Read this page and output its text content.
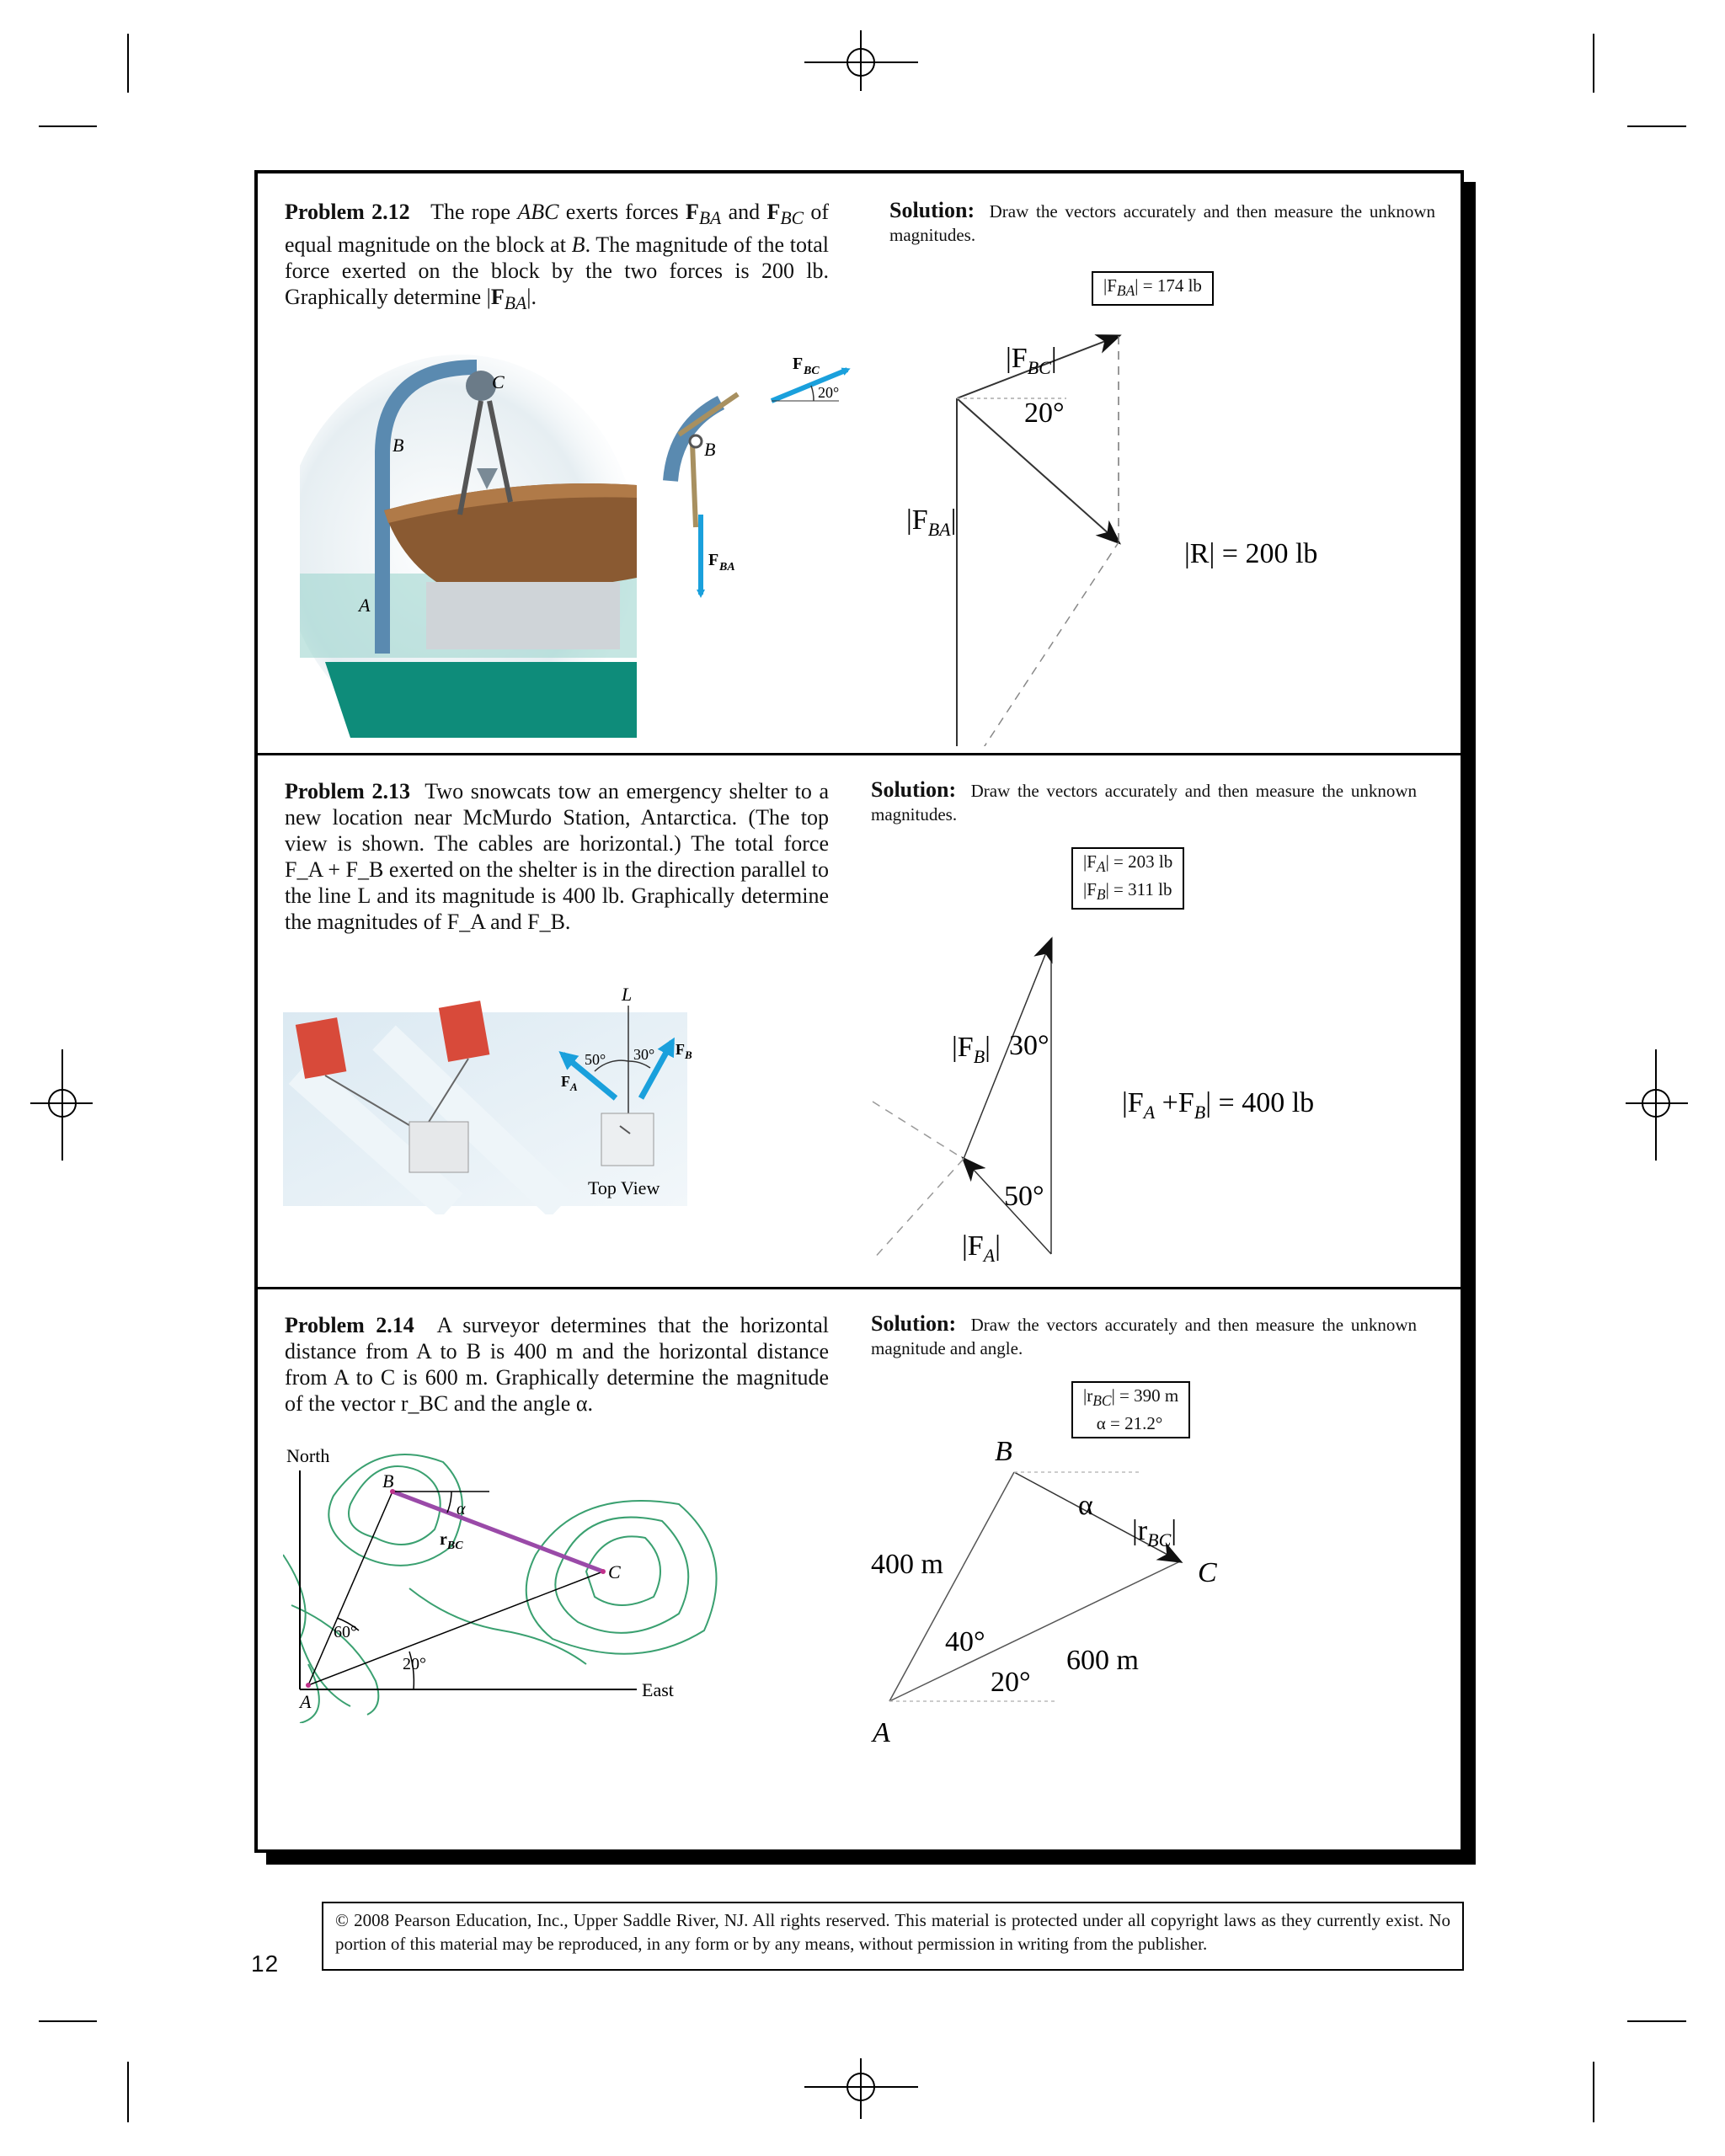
Problem 2.12 The rope ABC exerts forces $F_{BA}$ and $F_{BC}$ of equal magnitude on the block at B. The magnitude of the total force exerted on the block by the two forces is 200 lb. Graphically determine $|F_{BA}|$.
C
B
A
B
20°
F BC
F BA
Solution: Draw the vectors accurately and then measure the unknown magnitudes.
$|F_{BA}| = 174$ lb
$|F_{BC}|$
20°
$|F_{BA}|$
|R| = 200 lb
Problem 2.13 Two snowcats tow an emergency shelter to a new location near McMurdo Station, Antarctica. (The top view is shown. The cables are horizontal.) The total force F_A + F_B exerted on the shelter is in the direction parallel to the line L and its magnitude is 400 lb. Graphically determine the magnitudes of F_A and F_B.
L
50° 30°
$F_A$
$F_B$
Top View
Solution: Draw the vectors accurately and then measure the unknown magnitudes.
$|F_A| = 203$ lb
$|F_B| = 311$ lb
$|F_B|$ 30°
$|F_A +F_B| = 400$ lb
50°
$|F_A|$
Problem 2.14 A surveyor determines that the horizontal distance from A to B is 400 m and the horizontal distance from A to C is 600 m. Graphically determine the magnitude of the vector r_BC and the angle α.
North
East
B
C
A
α
$r_{BC}$
60°
20°
Solution: Draw the vectors accurately and then measure the unknown magnitude and angle.
$|r_{BC}| = 390$ m
α = 21.2°
B
α
$|r_{BC}|$
400 m	C
40°
600 m
20°
A
© 2008 Pearson Education, Inc., Upper Saddle River, NJ. All rights reserved. This material is protected under all copyright laws as they currently exist. No portion of this material may be reproduced, in any form or by any means, without permission in writing from the publisher.
12
